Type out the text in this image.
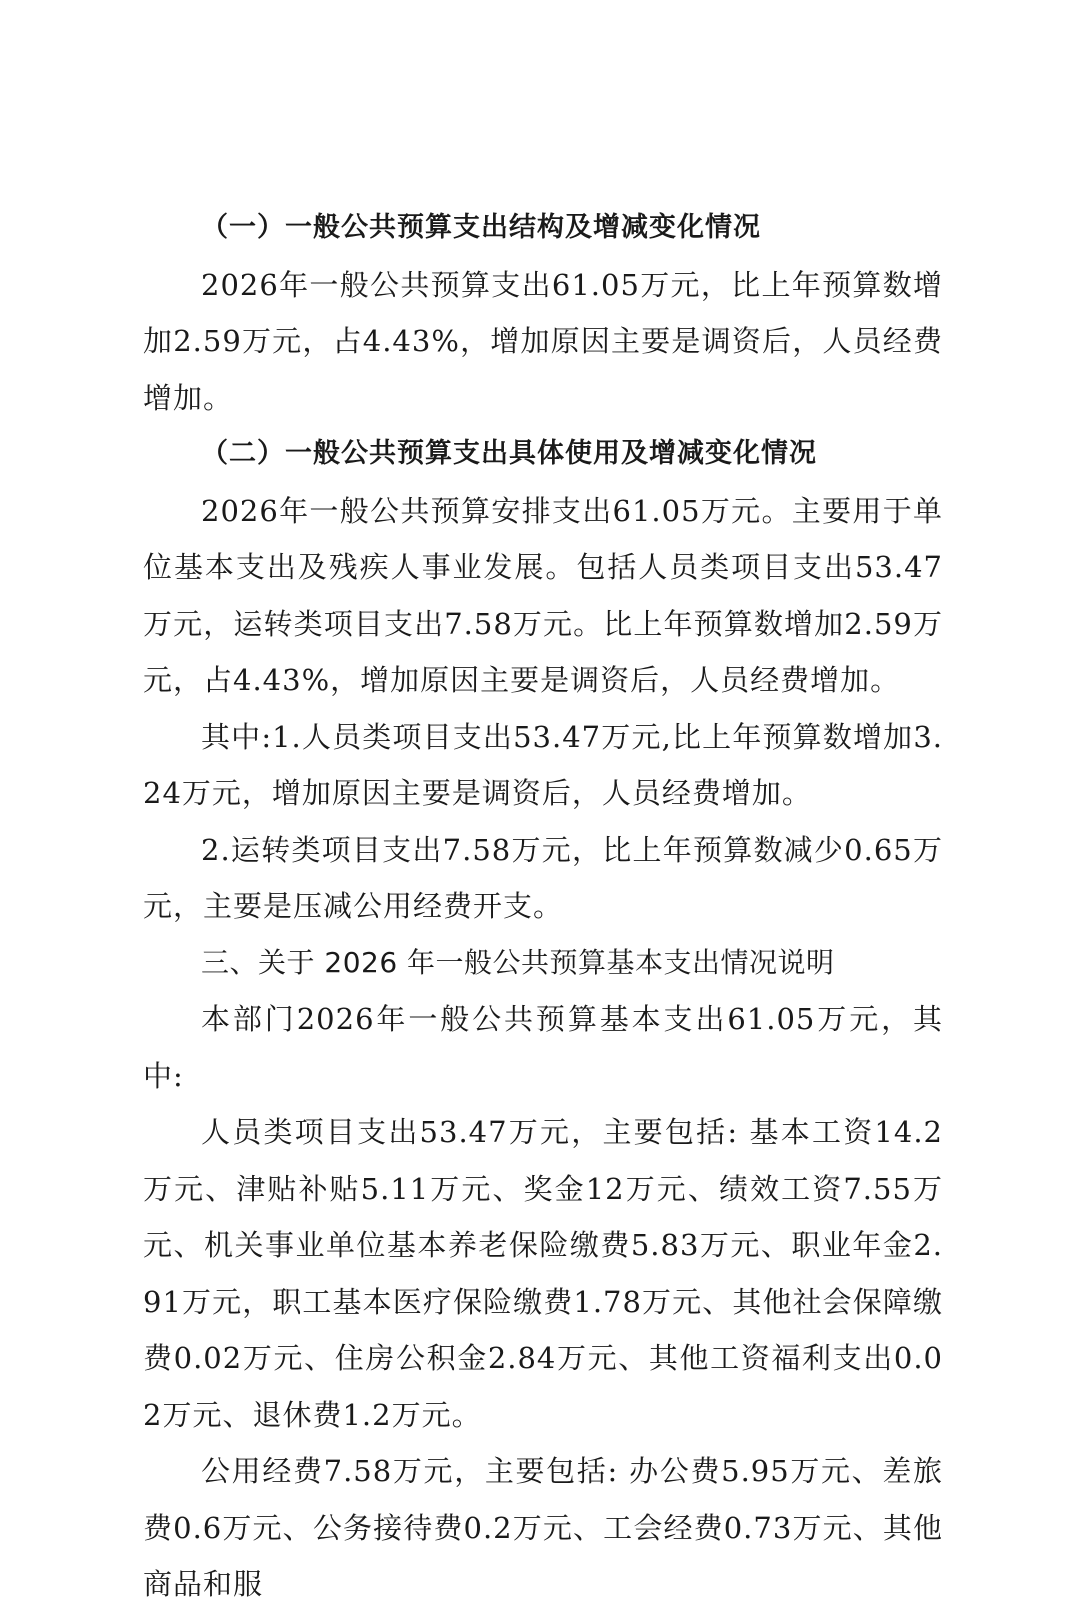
（一）一般公共预算支出结构及增减变化情况

2026年一般公共预算支出61.05万元，比上年预算数增加2.59万元，占4.43%，增加原因主要是调资后，人员经费增加。

（二）一般公共预算支出具体使用及增减变化情况

2026年一般公共预算安排支出61.05万元。主要用于单位基本支出及残疾人事业发展。包括人员类项目支出53.47万元，运转类项目支出7.58万元。比上年预算数增加2.59万元，占4.43%，增加原因主要是调资后，人员经费增加。

其中:1.人员类项目支出53.47万元,比上年预算数增加3.24万元，增加原因主要是调资后，人员经费增加。

2.运转类项目支出7.58万元，比上年预算数减少0.65万元，主要是压减公用经费开支。

三、关于 2026 年一般公共预算基本支出情况说明

本部门2026年一般公共预算基本支出61.05万元，其中:

人员类项目支出53.47万元，主要包括: 基本工资14.2万元、津贴补贴5.11万元、奖金12万元、绩效工资7.55万元、机关事业单位基本养老保险缴费5.83万元、职业年金2.91万元，职工基本医疗保险缴费1.78万元、其他社会保障缴费0.02万元、住房公积金2.84万元、其他工资福利支出0.02万元、退休费1.2万元。

公用经费7.58万元，主要包括: 办公费5.95万元、差旅费0.6万元、公务接待费0.2万元、工会经费0.73万元、其他商品和服
